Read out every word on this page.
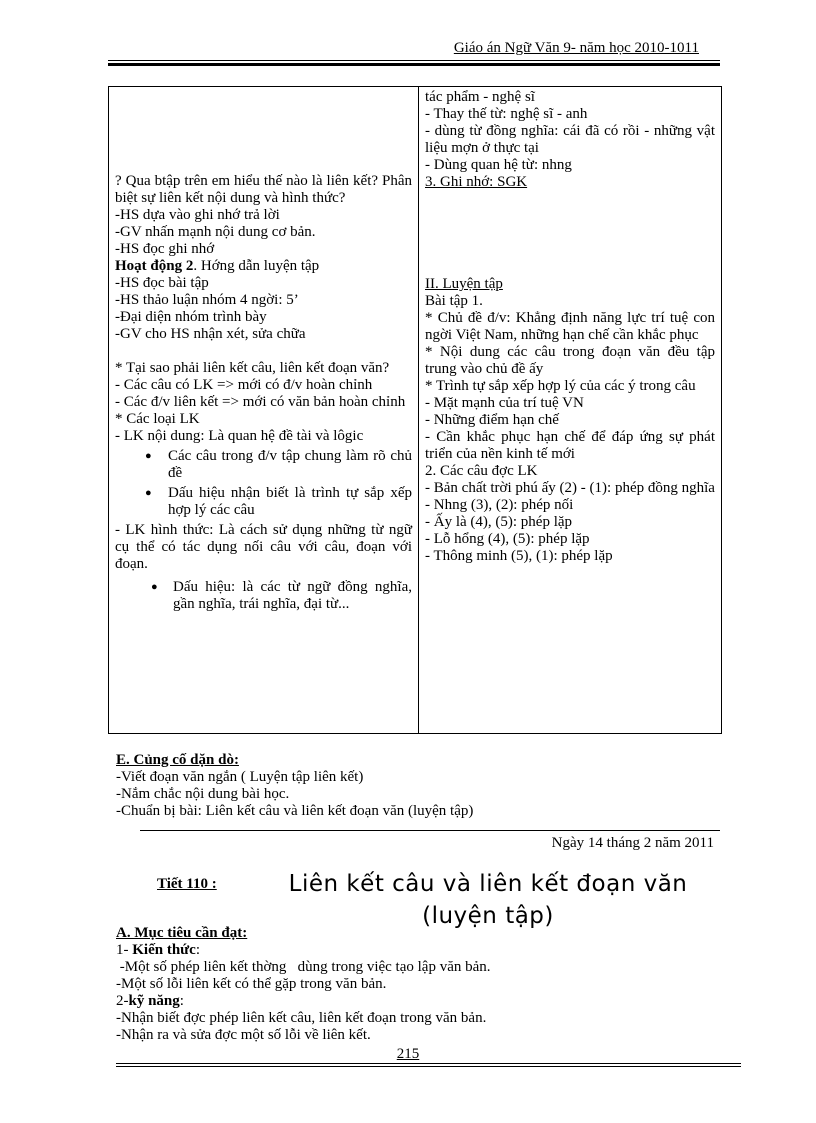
Giáo án Ngữ Văn 9- năm học 2010-1011
? Qua btập trên em hiểu thế nào là liên kết? Phân biệt sự liên kết nội dung và hình thức?
-HS dựa vào ghi nhớ trả lời
-GV nhấn mạnh nội dung cơ bản.
-HS đọc ghi nhớ
Hoạt động 2. Hớng dẫn luyện tập
-HS đọc bài tập
-HS thảo luận nhóm 4 ngời: 5’
-Đại diện nhóm trình bày
-GV cho HS nhận xét, sửa chữa
* Tại sao phải liên kết câu, liên kết đoạn văn?
- Các câu có LK => mới có đ/v hoàn chỉnh
- Các đ/v liên kết => mới có văn bản hoàn chỉnh
* Các loại LK
- LK nội dung: Là quan hệ đề tài và lôgic
● Các câu trong đ/v tập chung làm rõ chủ đề
● Dấu hiệu nhận biết là trình tự sắp xếp hợp lý các câu
- LK hình thức: Là cách sử dụng những từ ngữ cụ thể có tác dụng nối câu với câu, đoạn với đoạn.
● Dấu hiệu: là các từ ngữ đồng nghĩa, gần nghĩa, trái nghĩa, đại từ...

tác phẩm - nghệ sĩ
- Thay thế từ: nghệ sĩ - anh
- dùng từ đồng nghĩa: cái đã có rồi - những vật liệu mợn ở thực tại
- Dùng quan hệ từ: nhng
3. Ghi nhớ: SGK
II. Luyện tập
Bài tập 1.
* Chủ đề đ/v: Khẳng định năng lực trí tuệ con ngời Việt Nam, những hạn chế cần khắc phục
* Nội dung các câu trong đoạn văn đều tập trung vào chủ đề ấy
* Trình tự sắp xếp hợp lý của các ý trong câu
- Mặt mạnh của trí tuệ VN
- Những điểm hạn chế
- Cần khắc phục hạn chế để đáp ứng sự phát triển của nền kinh tế mới
2. Các câu đợc LK
- Bản chất trời phú ấy (2) - (1): phép đồng nghĩa
- Nhng (3), (2): phép nối
- Ấy là (4), (5): phép lặp
- Lỗ hổng (4), (5): phép lặp
- Thông minh (5), (1): phép lặp
E. Củng cố dặn dò:
-Viết đoạn văn ngắn ( Luyện tập liên kết)
-Nắm chắc nội dung bài học.
-Chuẩn bị bài: Liên kết câu và liên kết đoạn văn (luyện tập)
Ngày 14 tháng 2 năm 2011
Tiết 110 :	Liên kết câu và liên kết đoạn văn
(luyện tập)
A. Mục tiêu cần đạt:
1- Kiến thức:
-Một số phép liên kết thờng   dùng trong việc tạo lập văn bản.
-Một số lỗi liên kết có thể gặp trong văn bản.
2-kỹ năng:
-Nhận biết đợc phép liên kết câu, liên kết đoạn trong văn bản.
-Nhận ra và sửa đợc một số lỗi về liên kết.
215
